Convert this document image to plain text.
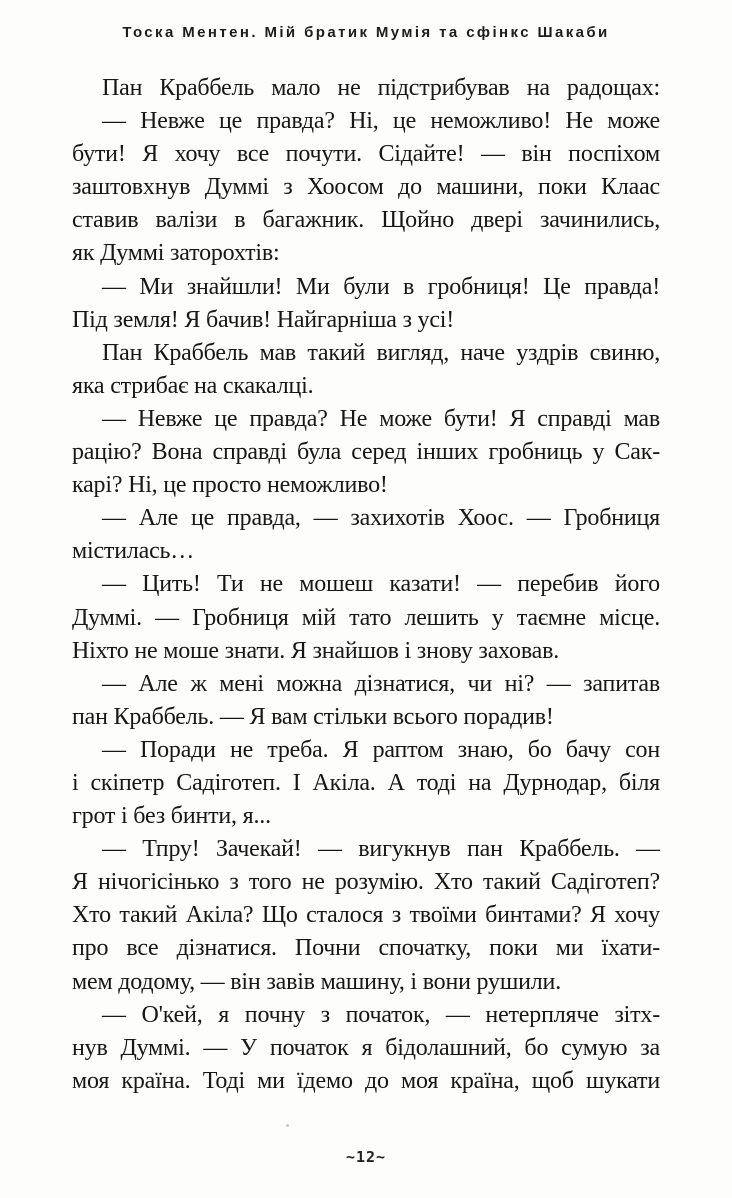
Тоска Ментен. Мій братик Мумія та сфінкс Шакаби
Пан Краббель мало не підстрибував на радощах:
— Невже це правда? Ні, це неможливо! Не може
бути! Я хочу все почути. Сідайте! — він поспіхом
заштовхнув Думмі з Хоосом до машини, поки Клаас
ставив валізи в багажник. Щойно двері зачинились,
як Думмі заторохтів:
— Ми знайшли! Ми були в гробниця! Це правда!
Під земля! Я бачив! Найгарніша з усі!
Пан Краббель мав такий вигляд, наче уздрів свиню,
яка стрибає на скакалці.
— Невже це правда? Не може бути! Я справді мав
рацію? Вона справді була серед інших гробниць у Сак-
карі? Ні, це просто неможливо!
— Але це правда, — захихотів Хоос. — Гробниця
містилась…
— Цить! Ти не мошеш казати! — перебив його
Думмі. — Гробниця мій тато лешить у таємне місце.
Ніхто не моше знати. Я знайшов і знову заховав.
— Але ж мені можна дізнатися, чи ні? — запитав
пан Краббель. — Я вам стільки всього порадив!
— Поради не треба. Я раптом знаю, бо бачу сон
і скіпетр Садіготеп. І Акіла. А тоді на Дурнодар, біля
грот і без бинти, я...
— Тпру! Зачекай! — вигукнув пан Краббель. —
Я нічогісінько з того не розумію. Хто такий Садіготеп?
Хто такий Акіла? Що сталося з твоїми бинтами? Я хочу
про все дізнатися. Почни спочатку, поки ми їхати-
мем додому, — він завів машину, і вони рушили.
— О'кей, я почну з початок, — нетерпляче зітх-
нув Думмі. — У початок я бідолашний, бо сумую за
моя країна. Тоді ми їдемо до моя країна, щоб шукати
~12~
